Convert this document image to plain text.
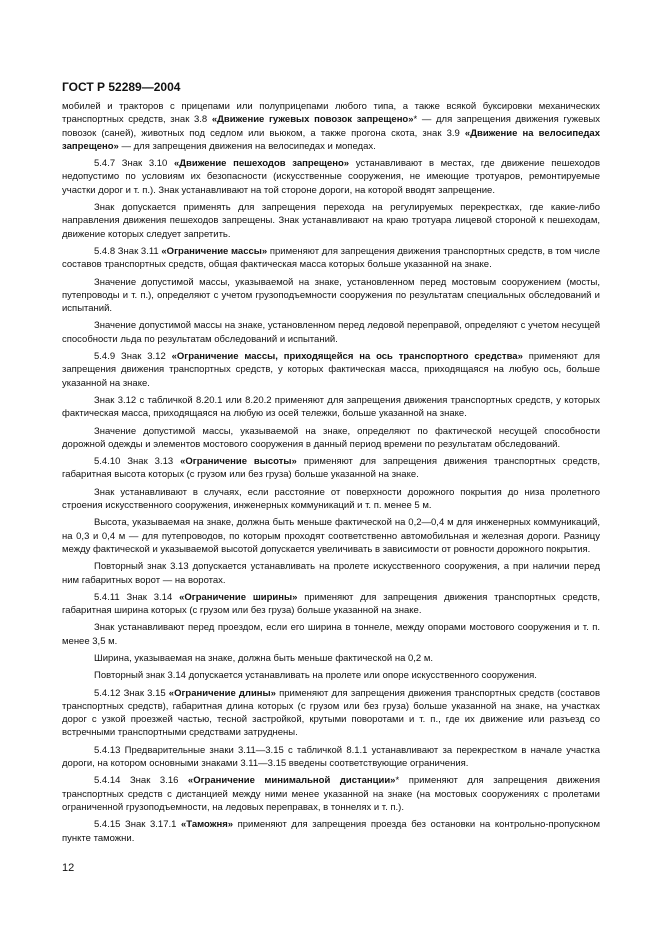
ГОСТ Р 52289—2004

мобилей и тракторов с прицепами или полуприцепами любого типа, а также всякой буксировки механических транспортных средств, знак 3.8 «Движение гужевых повозок запрещено»* — для запрещения движения гужевых повозок (саней), животных под седлом или вьюком, а также прогона скота, знак 3.9 «Движение на велосипедах запрещено» — для запрещения движения на велосипедах и мопедах.

5.4.7 Знак 3.10 «Движение пешеходов запрещено» устанавливают в местах, где движение пешеходов недопустимо по условиям их безопасности (искусственные сооружения, не имеющие тротуаров, ремонтируемые участки дорог и т. п.). Знак устанавливают на той стороне дороги, на которой вводят запрещение.

Знак допускается применять для запрещения перехода на регулируемых перекрестках, где какие-либо направления движения пешеходов запрещены. Знак устанавливают на краю тротуара лицевой стороной к пешеходам, движение которых следует запретить.

5.4.8 Знак 3.11 «Ограничение массы» применяют для запрещения движения транспортных средств, в том числе составов транспортных средств, общая фактическая масса которых больше указанной на знаке.

Значение допустимой массы, указываемой на знаке, установленном перед мостовым сооружением (мосты, путепроводы и т. п.), определяют с учетом грузоподъемности сооружения по результатам специальных обследований и испытаний.

Значение допустимой массы на знаке, установленном перед ледовой переправой, определяют с учетом несущей способности льда по результатам обследований и испытаний.

5.4.9 Знак 3.12 «Ограничение массы, приходящейся на ось транспортного средства» применяют для запрещения движения транспортных средств, у которых фактическая масса, приходящаяся на любую ось, больше указанной на знаке.

Знак 3.12 с табличкой 8.20.1 или 8.20.2 применяют для запрещения движения транспортных средств, у которых фактическая масса, приходящаяся на любую из осей тележки, больше указанной на знаке.

Значение допустимой массы, указываемой на знаке, определяют по фактической несущей способности дорожной одежды и элементов мостового сооружения в данный период времени по результатам обследований.

5.4.10 Знак 3.13 «Ограничение высоты» применяют для запрещения движения транспортных средств, габаритная высота которых (с грузом или без груза) больше указанной на знаке.

Знак устанавливают в случаях, если расстояние от поверхности дорожного покрытия до низа пролетного строения искусственного сооружения, инженерных коммуникаций и т. п. менее 5 м.

Высота, указываемая на знаке, должна быть меньше фактической на 0,2—0,4 м для инженерных коммуникаций, на 0,3 и 0,4 м — для путепроводов, по которым проходят соответственно автомобильная и железная дороги. Разницу между фактической и указываемой высотой допускается увеличивать в зависимости от ровности дорожного покрытия.

Повторный знак 3.13 допускается устанавливать на пролете искусственного сооружения, а при наличии перед ним габаритных ворот — на воротах.

5.4.11 Знак 3.14 «Ограничение ширины» применяют для запрещения движения транспортных средств, габаритная ширина которых (с грузом или без груза) больше указанной на знаке.

Знак устанавливают перед проездом, если его ширина в тоннеле, между опорами мостового сооружения и т. п. менее 3,5 м.

Ширина, указываемая на знаке, должна быть меньше фактической на 0,2 м.

Повторный знак 3.14 допускается устанавливать на пролете или опоре искусственного сооружения.

5.4.12 Знак 3.15 «Ограничение длины» применяют для запрещения движения транспортных средств (составов транспортных средств), габаритная длина которых (с грузом или без груза) больше указанной на знаке, на участках дорог с узкой проезжей частью, тесной застройкой, крутыми поворотами и т. п., где их движение или разъезд со встречными транспортными средствами затруднены.

5.4.13 Предварительные знаки 3.11—3.15 с табличкой 8.1.1 устанавливают за перекрестком в начале участка дороги, на котором основными знаками 3.11—3.15 введены соответствующие ограничения.

5.4.14 Знак 3.16 «Ограничение минимальной дистанции»* применяют для запрещения движения транспортных средств с дистанцией между ними менее указанной на знаке (на мостовых сооружениях с пролетами ограниченной грузоподъемности, на ледовых переправах, в тоннелях и т. п.).

5.4.15 Знак 3.17.1 «Таможня» применяют для запрещения проезда без остановки на контрольно-пропускном пункте таможни.

12
